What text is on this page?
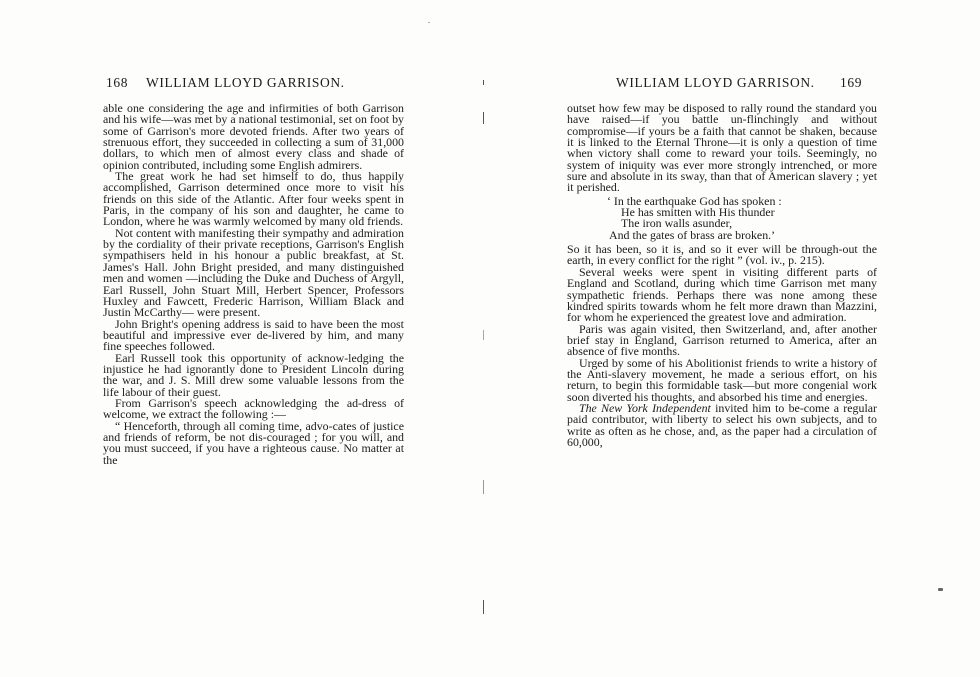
168 WILLIAM LLOYD GARRISON.

able one considering the age and infirmities of both Garrison and his wife—was met by a national testimonial, set on foot by some of Garrison's more devoted friends. After two years of strenuous effort, they succeeded in collecting a sum of 31,000 dollars, to which men of almost every class and shade of opinion contributed, including some English admirers.

The great work he had set himself to do, thus happily accomplished, Garrison determined once more to visit his friends on this side of the Atlantic. After four weeks spent in Paris, in the company of his son and daughter, he came to London, where he was warmly welcomed by many old friends.

Not content with manifesting their sympathy and admiration by the cordiality of their private receptions, Garrison's English sympathisers held in his honour a public breakfast, at St. James's Hall. John Bright presided, and many distinguished men and women —including the Duke and Duchess of Argyll, Earl Russell, John Stuart Mill, Herbert Spencer, Professors Huxley and Fawcett, Frederic Harrison, William Black and Justin McCarthy— were present.

John Bright's opening address is said to have been the most beautiful and impressive ever de-livered by him, and many fine speeches followed.

Earl Russell took this opportunity of acknow-ledging the injustice he had ignorantly done to President Lincoln during the war, and J. S. Mill drew some valuable lessons from the life labour of their guest.

From Garrison's speech acknowledging the ad-dress of welcome, we extract the following :—

“ Henceforth, through all coming time, advo-cates of justice and friends of reform, be not dis-couraged ; for you will, and you must succeed, if you have a righteous cause. No matter at the

WILLIAM LLOYD GARRISON. 169

outset how few may be disposed to rally round the standard you have raised—if you battle un-flinchingly and without compromise—if yours be a faith that cannot be shaken, because it is linked to the Eternal Throne—it is only a question of time when victory shall come to reward your toils. Seemingly, no system of iniquity was ever more strongly intrenched, or more sure and absolute in its sway, than that of American slavery ; yet it perished.

‘ In the earthquake God has spoken :
He has smitten with His thunder
The iron walls asunder,
And the gates of brass are broken.’

So it has been, so it is, and so it ever will be through-out the earth, in every conflict for the right ” (vol. iv., p. 215).

Several weeks were spent in visiting different parts of England and Scotland, during which time Garrison met many sympathetic friends. Perhaps there was none among these kindred spirits towards whom he felt more drawn than Mazzini, for whom he experienced the greatest love and admiration.

Paris was again visited, then Switzerland, and, after another brief stay in England, Garrison returned to America, after an absence of five months.

Urged by some of his Abolitionist friends to write a history of the Anti-slavery movement, he made a serious effort, on his return, to begin this formidable task—but more congenial work soon diverted his thoughts, and absorbed his time and energies.

The New York Independent invited him to be-come a regular paid contributor, with liberty to select his own subjects, and to write as often as he chose, and, as the paper had a circulation of 60,000,
